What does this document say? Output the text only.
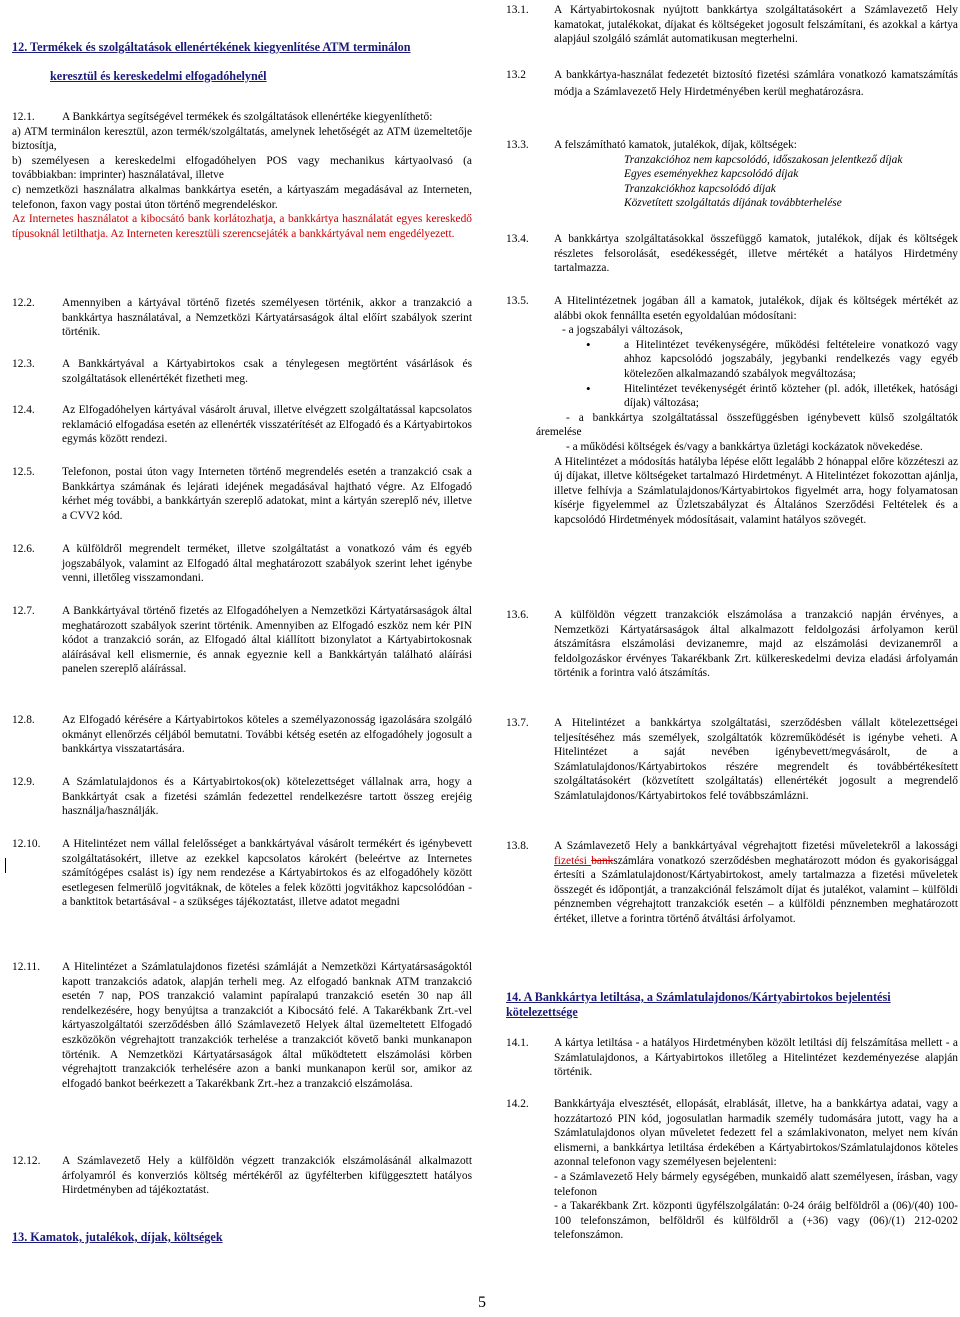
12. Termékek és szolgáltatások ellenértékének kiegyenlítése ATM terminálon
keresztül és kereskedelmi elfogadóhelynél
12.1.	A Bankkártya segítségével termékek és szolgáltatások ellenértéke kiegyenlíthető:
a) ATM terminálon keresztül, azon termék/szolgáltatás, amelynek lehetőségét az ATM üzemeltetője biztosítja,
b) személyesen a kereskedelmi elfogadóhelyen POS vagy mechanikus kártyaolvasó (a továbbiakban: imprinter) használatával, illetve
c) nemzetközi használatra alkalmas bankkártya esetén, a kártyaszám megadásával az Interneten, telefonon, faxon vagy postai úton történő megrendeléskor.
Az Internetes használatot a kibocsátó bank korlátozhatja, a bankkártya használatát egyes kereskedő típusoknál letilthatja. Az Interneten keresztüli szerencsejáték a bankkártyával nem engedélyezett.
12.2. Amennyiben a kártyával történő fizetés személyesen történik, akkor a tranzakció a bankkártya használatával, a Nemzetközi Kártyatársaságok által előírt szabályok szerint történik.
12.3. A Bankkártyával a Kártyabirtokos csak a ténylegesen megtörtént vásárlások és szolgáltatások ellenértékét fizetheti meg.
12.4. Az Elfogadóhelyen kártyával vásárolt áruval, illetve elvégzett szolgáltatással kapcsolatos reklamáció elfogadása esetén az ellenérték visszatérítését az Elfogadó és a Kártyabirtokos egymás között rendezi.
12.5. Telefonon, postai úton vagy Interneten történő megrendelés esetén a tranzakció csak a Bankkártya számának és lejárati idejének megadásával hajtható végre. Az Elfogadó kérhet még további, a bankkártyán szereplő adatokat, mint a kártyán szereplő név, illetve a CVV2 kód.
12.6. A külföldről megrendelt terméket, illetve szolgáltatást a vonatkozó vám és egyéb jogszabályok, valamint az Elfogadó által meghatározott szabályok szerint lehet igénybe venni, illetőleg visszamondani.
12.7. A Bankkártyával történő fizetés az Elfogadóhelyen a Nemzetközi Kártyatársaságok által meghatározott szabályok szerint történik. Amennyiben az Elfogadó eszköz nem kér PIN kódot a tranzakció során, az Elfogadó által kiállított bizonylatot a Kártyabirtokosnak aláírásával kell elismernie, és annak egyeznie kell a Bankkártyán található aláírási panelen szereplő aláírással.
12.8. Az Elfogadó kérésére a Kártyabirtokos köteles a személyazonosság igazolására szolgáló okmányt ellenőrzés céljából bemutatni. További kétség esetén az elfogadóhely jogosult a bankkártya visszatartására.
12.9. A Számlatulajdonos és a Kártyabirtokos(ok) kötelezettséget vállalnak arra, hogy a Bankkártyát csak a fizetési számlán fedezettel rendelkezésre tartott összeg erejéig használja/használják.
12.10. A Hitelintézet nem vállal felelősséget a bankkártyával vásárolt termékért és igénybevett szolgáltatásokért, illetve az ezekkel kapcsolatos károkért (beleértve az Internetes számítógépes csalást is) így nem rendezése a Kártyabirtokos és az elfogadóhely között esetlegesen felmerülő jogvitáknak, de köteles a felek közötti jogvitákhoz kapcsolódóan - a banktitok betartásával - a szükséges tájékoztatást, illetve adatot megadni
12.11. A Hitelintézet a Számlatulajdonos fizetési számláját a Nemzetközi Kártyatársaságoktól kapott tranzakciós adatok, alapján terheli meg. Az elfogadó banknak ATM tranzakció esetén 7 nap, POS tranzakció valamint papíralapú tranzakció esetén 30 nap áll rendelkezésére, hogy benyújtsa a tranzakciót a Kibocsátó felé. A Takarékbank Zrt.-vel kártyaszolgáltatói szerződésben álló Számlavezető Helyek által üzemeltetett Elfogadó eszközökön végrehajtott tranzakciók terhelése a tranzakciót követő banki munkanapon történik. A Nemzetközi Kártyatársaságok által működtetett elszámolási körben végrehajtott tranzakciók terhelésére azon a banki munkanapon kerül sor, amikor az elfogadó bankot beérkezett a Takarékbank Zrt.-hez a tranzakció elszámolása.
12.12. A Számlavezető Hely a külföldön végzett tranzakciók elszámolásánál alkalmazott árfolyamról és konverziós költség mértékéről az ügyfélterben kifüggesztett hatályos Hirdetményben ad tájékoztatást.
13. Kamatok, jutalékok, díjak, költségek
13.1. A Kártyabirtokosnak nyújtott bankkártya szolgáltatásokért a Számlavezető Hely kamatokat, jutalékokat, díjakat és költségeket jogosult felszámítani, és azokkal a kártya alapjául szolgáló számlát automatikusan megterhelni.
13.2 A bankkártya-használat fedezetét biztosító fizetési számlára vonatkozó kamatszámítás módja a Számlavezető Hely Hirdetményében kerül meghatározásra.
13.3. A felszámítható kamatok, jutalékok, díjak, költségek:
Tranzakcióhoz nem kapcsolódó, időszakosan jelentkező díjak
Egyes eseményekhez kapcsolódó díjak
Tranzakciókhoz kapcsolódó díjak
Közvetített szolgáltatás díjának továbbterhelése
13.4. A bankkártya szolgáltatásokkal összefüggő kamatok, jutalékok, díjak és költségek részletes felsorolását, esedékességét, illetve mértékét a hatályos Hirdetmény tartalmazza.
13.5. A Hitelintézetnek jogában áll a kamatok, jutalékok, díjak és költségek mértékét az alábbi okok fennállta esetén egyoldalúan módosítani:
- a jogszabályi változások,
• a Hitelintézet tevékenységére, működési feltételeire vonatkozó vagy ahhoz kapcsolódó jogszabály, jegybanki rendelkezés vagy egyéb kötelezően alkalmazandó szabályok megváltozása;
• Hitelintézet tevékenységét érintő közteher (pl. adók, illetékek, hatósági díjak) változása;
- a bankkártya szolgáltatással összefüggésben igénybevett külső szolgáltatók áremelése
- a működési költségek és/vagy a bankkártya üzletági kockázatok növekedése.
A Hitelintézet a módosítás hatályba lépése előtt legalább 2 hónappal előre közzéteszi az új díjakat, illetve költségeket tartalmazó Hirdetményt. A Hitelintézet fokozottan ajánlja, illetve felhívja a Számlatulajdonos/Kártyabirtokos figyelmét arra, hogy folyamatosan kísérje figyelemmel az Üzletszabályzat és Általános Szerződési Feltételek és a kapcsolódó Hirdetmények módosításait, valamint hatályos szövegét.
13.6. A külföldön végzett tranzakciók elszámolása a tranzakció napján érvényes, a Nemzetközi Kártyatársaságok által alkalmazott feldolgozási árfolyamon kerül átszámításra elszámolási devizanemre, majd az elszámolási devizanemről a feldolgozáskor érvényes Takarékbank Zrt. külkereskedelmi deviza eladási árfolyamán történik a forintra való átszámítás.
13.7. A Hitelintézet a bankkártya szolgáltatási, szerződésben vállalt kötelezettségei teljesítéséhez más személyek, szolgáltatók közreműködését is igénybe veheti. A Hitelintézet a saját nevében igénybevett/megvásárolt, de a Számlatulajdonos/Kártyabirtokos részére megrendelt és továbbértékesített szolgáltatásokért (közvetített szolgáltatás) ellenértékét jogosult a megrendelő Számlatulajdonos/Kártyabirtokos felé továbbszámlázni.
13.8. A Számlavezető Hely a bankkártyával végrehajtott fizetési műveletekről a lakossági fizetési bankszámlára vonatkozó szerződésben meghatározott módon és gyakorisággal értesíti a Számlatulajdonost/Kártyabirtokost, amely tartalmazza a fizetési műveletek összegét és időpontját, a tranzakciónál felszámolt díjat és jutalékot, valamint – külföldi pénznemben végrehajtott tranzakciók esetén – a külföldi pénznemben meghatározott értéket, illetve a forintra történő átváltási árfolyamot.
14. A Bankkártya letiltása, a Számlatulajdonos/Kártyabirtokos bejelentési kötelezettsége
14.1. A kártya letiltása - a hatályos Hirdetményben közölt letiltási díj felszámítása mellett - a Számlatulajdonos, a Kártyabirtokos illetőleg a Hitelintézet kezdeményezése alapján történik.
14.2. Bankkártyája elvesztését, ellopását, elrablását, illetve, ha a bankkártya adatai, vagy a hozzátartozó PIN kód, jogosulatlan harmadik személy tudomására jutott, vagy ha a Számlatulajdonos olyan műveletet fedezett fel a számlakivonaton, melyet nem kíván elismerni, a bankkártya letiltása érdekében a Kártyabirtokos/Számlatulajdonos köteles azonnal telefonon vagy személyesen bejelenteni:
- a Számlavezető Hely bármely egységében, munkaidő alatt személyesen, írásban, vagy telefonon
- a Takarékbank Zrt. központi ügyfélszolgálatán: 0-24 óráig belföldről a (06)/(40) 100-100 telefonszámon, belföldről és külföldről a (+36) vagy (06)/(1) 212-0202 telefonszámon.
5
